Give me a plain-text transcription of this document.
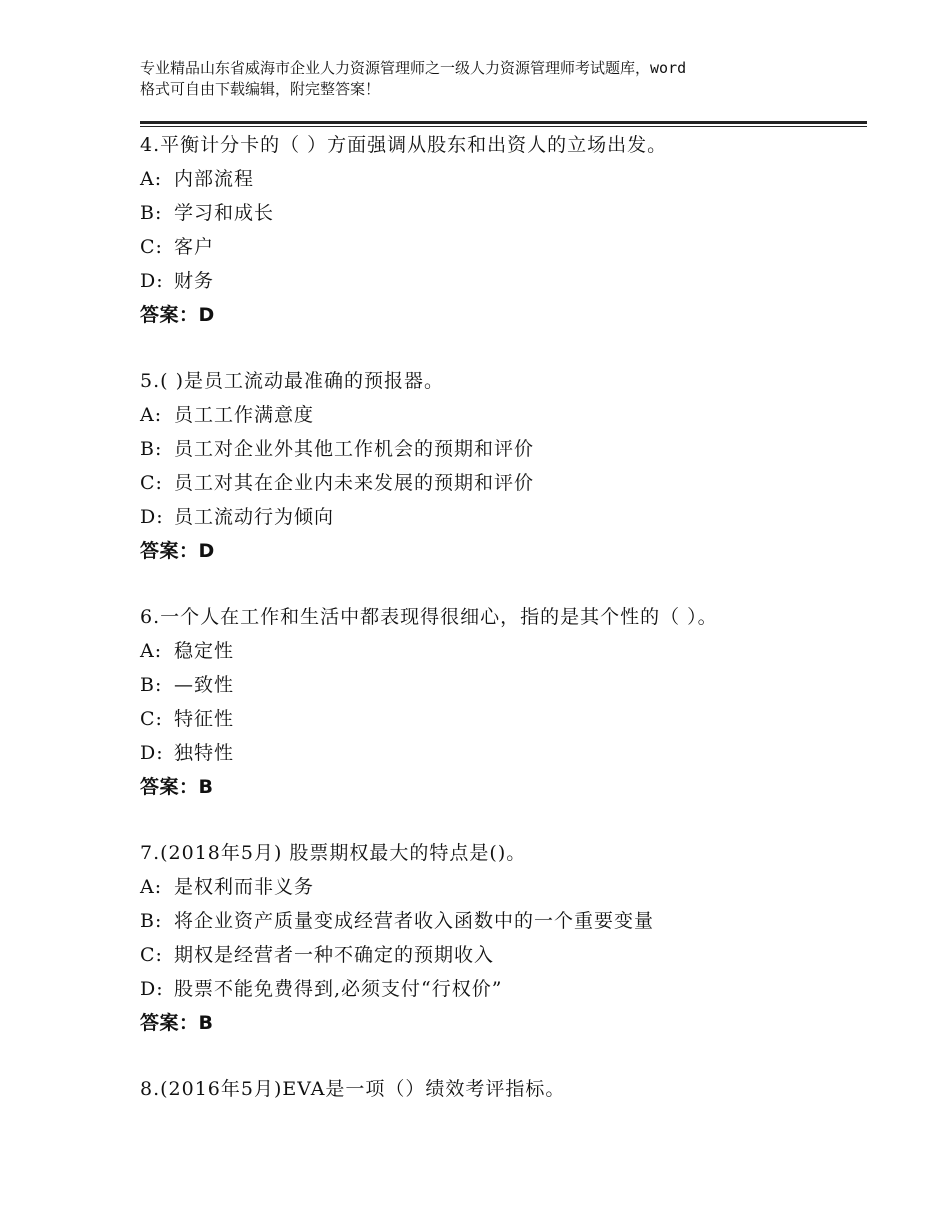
专业精品山东省威海市企业人力资源管理师之一级人力资源管理师考试题库，word
格式可自由下载编辑，附完整答案！
4.平衡计分卡的（ ）方面强调从股东和出资人的立场出发。
A: 内部流程
B: 学习和成长
C: 客户
D: 财务
答案：D
5.( )是员工流动最准确的预报器。
A: 员工工作满意度
B: 员工对企业外其他工作机会的预期和评价
C: 员工对其在企业内未来发展的预期和评价
D: 员工流动行为倾向
答案：D
6.一个人在工作和生活中都表现得很细心，指的是其个性的（ ）。
A: 稳定性
B: —致性
C: 特征性
D: 独特性
答案：B
7.(2018年5月) 股票期权最大的特点是()。
A: 是权利而非义务
B: 将企业资产质量变成经营者收入函数中的一个重要变量
C: 期权是经营者一种不确定的预期收入
D: 股票不能免费得到,必须支付“行权价”
答案：B
8.(2016年5月)EVA是一项（）绩效考评指标。
